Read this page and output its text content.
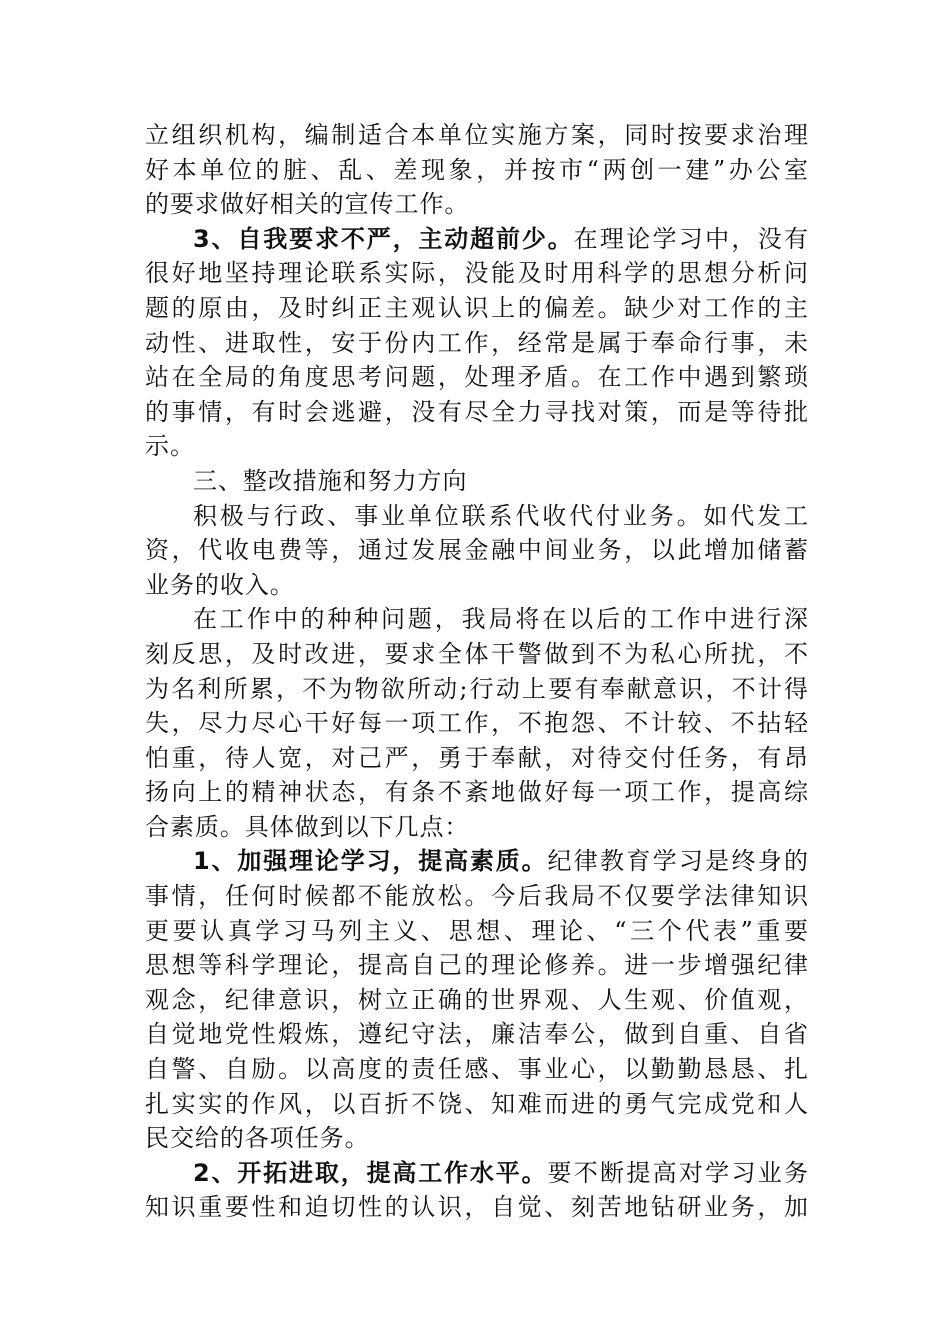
立组织机构，编制适合本单位实施方案，同时按要求治理
好本单位的脏、乱、差现象，并按市“两创一建”办公室
的要求做好相关的宣传工作。
3、自我要求不严，主动超前少。在理论学习中，没有
很好地坚持理论联系实际，没能及时用科学的思想分析问
题的原由，及时纠正主观认识上的偏差。缺少对工作的主
动性、进取性，安于份内工作，经常是属于奉命行事，未
站在全局的角度思考问题，处理矛盾。在工作中遇到繁琐
的事情，有时会逃避，没有尽全力寻找对策，而是等待批
示。
三、整改措施和努力方向
积极与行政、事业单位联系代收代付业务。如代发工
资，代收电费等，通过发展金融中间业务，以此增加储蓄
业务的收入。
在工作中的种种问题，我局将在以后的工作中进行深
刻反思，及时改进，要求全体干警做到不为私心所扰，不
为名利所累，不为物欲所动;行动上要有奉献意识，不计得
失，尽力尽心干好每一项工作，不抱怨、不计较、不拈轻
怕重，待人宽，对己严，勇于奉献，对待交付任务，有昂
扬向上的精神状态，有条不紊地做好每一项工作，提高综
合素质。具体做到以下几点：
1、加强理论学习，提高素质。纪律教育学习是终身的
事情，任何时候都不能放松。今后我局不仅要学法律知识
更要认真学习马列主义、思想、理论、“三个代表”重要
思想等科学理论，提高自己的理论修养。进一步增强纪律
观念，纪律意识，树立正确的世界观、人生观、价值观，
自觉地党性煅炼，遵纪守法，廉洁奉公，做到自重、自省
自警、自励。以高度的责任感、事业心，以勤勤恳恳、扎
扎实实的作风，以百折不饶、知难而进的勇气完成党和人
民交给的各项任务。
2、开拓进取，提高工作水平。要不断提高对学习业务
知识重要性和迫切性的认识，自觉、刻苦地钻研业务，加
